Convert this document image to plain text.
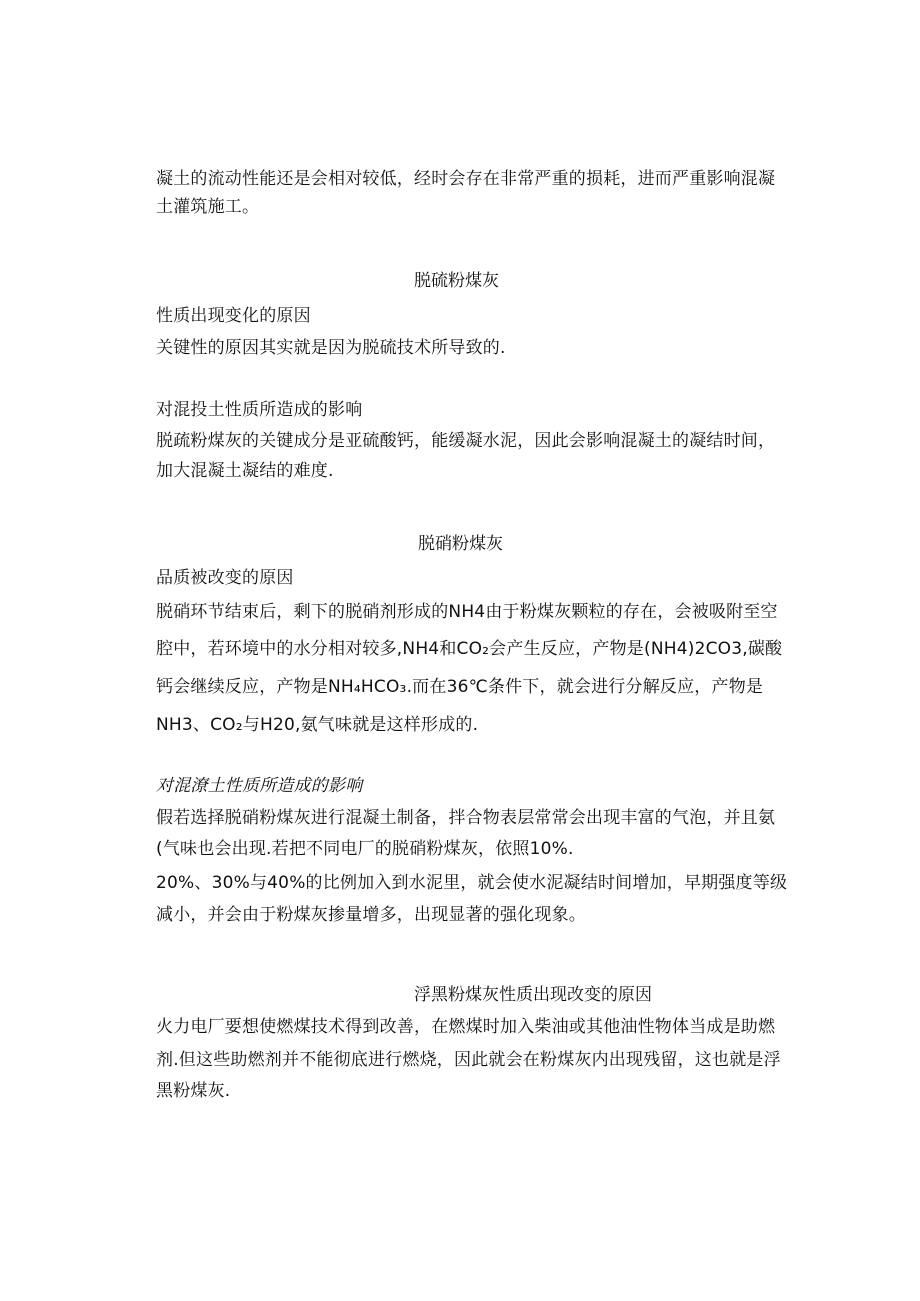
凝土的流动性能还是会相对较低，经时会存在非常严重的损耗，进而严重影响混凝
土灌筑施工。
脱硫粉煤灰
性质出现变化的原因
关键性的原因其实就是因为脱硫技术所导致的.
对混投土性质所造成的影响
脱疏粉煤灰的关键成分是亚硫酸钙，能缓凝水泥，因此会影响混凝土的凝结时间，
加大混凝土凝结的难度.
脱硝粉煤灰
品质被改变的原因
脱硝环节结束后，剩下的脱硝剂形成的NH4由于粉煤灰颗粒的存在，会被吸附至空
腔中，若环境中的水分相对较多,NH4和CO₂会产生反应，产物是(NH4)2CO3,碳酸
钙会继续反应，产物是NH₄HCO₃.而在36℃条件下，就会进行分解反应，产物是
NH3、CO₂与H20,氨气味就是这样形成的.
对混潦土性质所造成的影响
假若选择脱硝粉煤灰进行混凝土制备，拌合物表层常常会出现丰富的气泡，并且氨
(气味也会出现.若把不同电厂的脱硝粉煤灰，依照10%.
20%、30%与40%的比例加入到水泥里，就会使水泥凝结时间增加，早期强度等级
减小，并会由于粉煤灰掺量增多，出现显著的强化现象。
浮黑粉煤灰性质出现改变的原因
火力电厂要想使燃煤技术得到改善，在燃煤时加入柴油或其他油性物体当成是助燃
剂.但这些助燃剂并不能彻底进行燃烧，因此就会在粉煤灰内出现残留，这也就是浮
黑粉煤灰.
